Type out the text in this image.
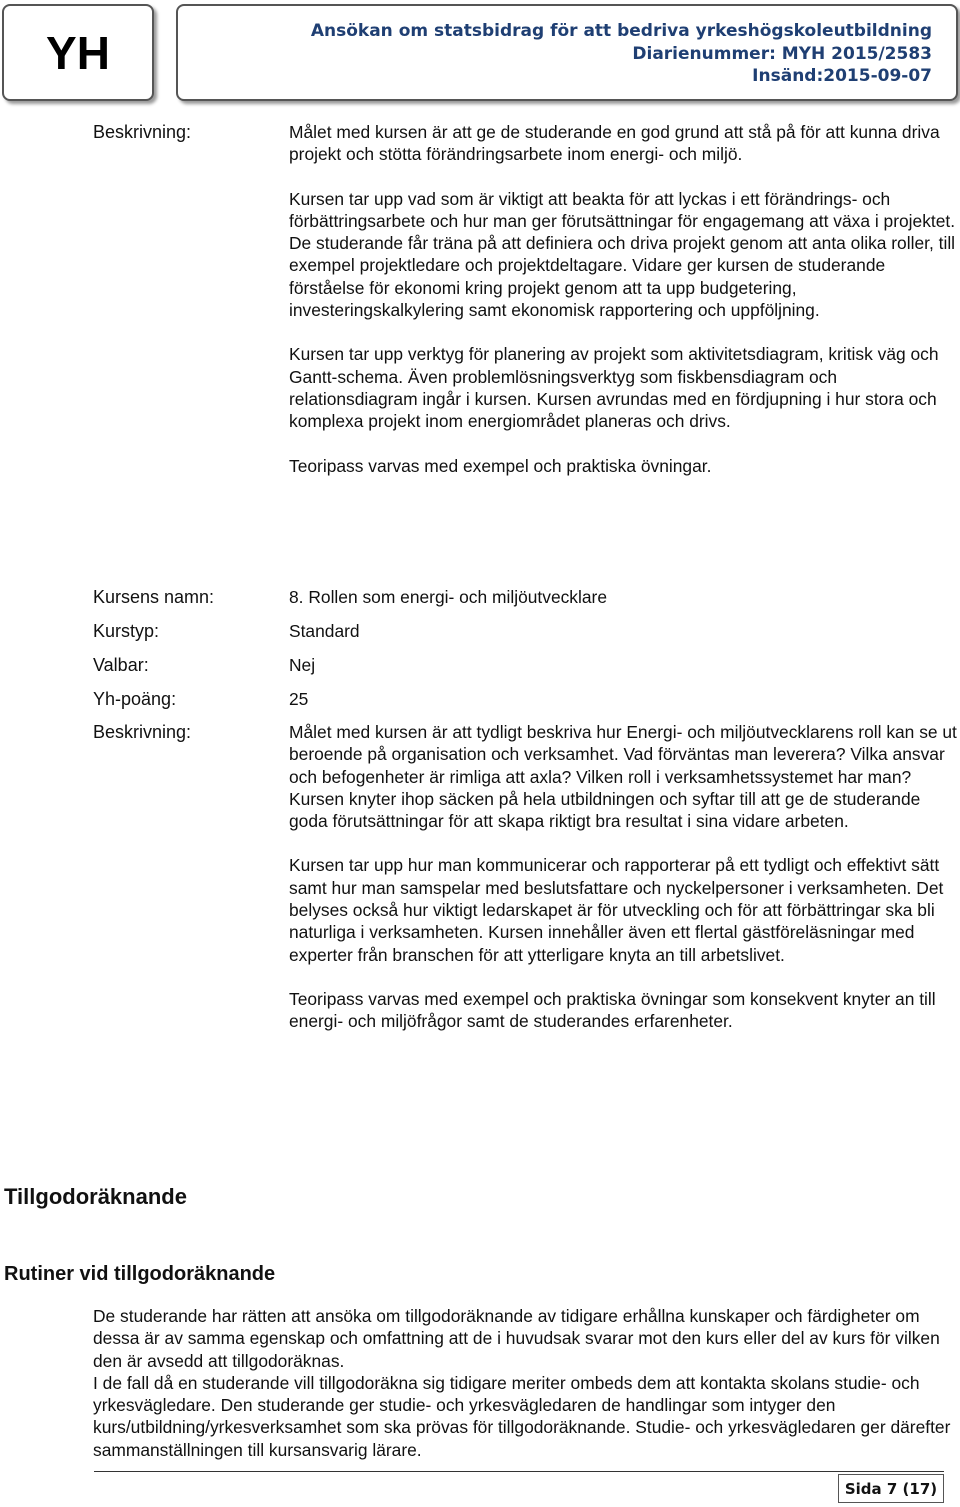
YH	Ansökan om statsbidrag för att bedriva yrkeshögskoleutbildning
Diarienummer: MYH 2015/2583
Insänd:2015-09-07
Beskrivning:	Målet med kursen är att ge de studerande en god grund att stå på för att kunna driva projekt och stötta förändringsarbete inom energi- och miljö.

Kursen tar upp vad som är viktigt att beakta för att lyckas i ett förändrings- och förbättringsarbete och hur man ger förutsättningar för engagemang att växa i projektet. De studerande får träna på att definiera och driva projekt genom att anta olika roller, till exempel projektledare och projektdeltagare. Vidare ger kursen de studerande förståelse för ekonomi kring projekt genom att ta upp budgetering, investeringskalkylering samt ekonomisk rapportering och uppföljning.

Kursen tar upp verktyg för planering av projekt som aktivitetsdiagram, kritisk väg och Gantt-schema. Även problemlösningsverktyg som fiskbensdiagram och relationsdiagram ingår i kursen. Kursen avrundas med en fördjupning i hur stora och komplexa projekt inom energiområdet planeras och drivs.

Teoripass varvas med exempel och praktiska övningar.

Kursens namn:	8. Rollen som energi- och miljöutvecklare
Kurstyp:	Standard
Valbar:	Nej
Yh-poäng:	25
Beskrivning:	Målet med kursen är att tydligt beskriva hur Energi- och miljöutvecklarens roll kan se ut beroende på organisation och verksamhet. Vad förväntas man leverera? Vilka ansvar och befogenheter är rimliga att axla? Vilken roll i verksamhetssystemet har man? Kursen knyter ihop säcken på hela utbildningen och syftar till att ge de studerande goda förutsättningar för att skapa riktigt bra resultat i sina vidare arbeten.

Kursen tar upp hur man kommunicerar och rapporterar på ett tydligt och effektivt sätt samt hur man samspelar med beslutsfattare och nyckelpersoner i verksamheten. Det belyses också hur viktigt ledarskapet är för utveckling och för att förbättringar ska bli naturliga i verksamheten. Kursen innehåller även ett flertal gästföreläsningar med experter från branschen för att ytterligare knyta an till arbetslivet.

Teoripass varvas med exempel och praktiska övningar som konsekvent knyter an till energi- och miljöfrågor samt de studerandes erfarenheter.

Tillgodoräknande
Rutiner vid tillgodoräknande
De studerande har rätten att ansöka om tillgodoräknande av tidigare erhållna kunskaper och färdigheter om dessa är av samma egenskap och omfattning att de i huvudsak svarar mot den kurs eller del av kurs för vilken den är avsedd att tillgodoräknas.
I de fall då en studerande vill tillgodoräkna sig tidigare meriter ombeds dem att kontakta skolans studie- och yrkesvägledare. Den studerande ger studie- och yrkesvägledaren de handlingar som intyger den kurs/utbildning/yrkesverksamhet som ska prövas för tillgodoräknande. Studie- och yrkesvägledaren ger därefter sammanställningen till kursansvarig lärare.
Sida 7 (17)
